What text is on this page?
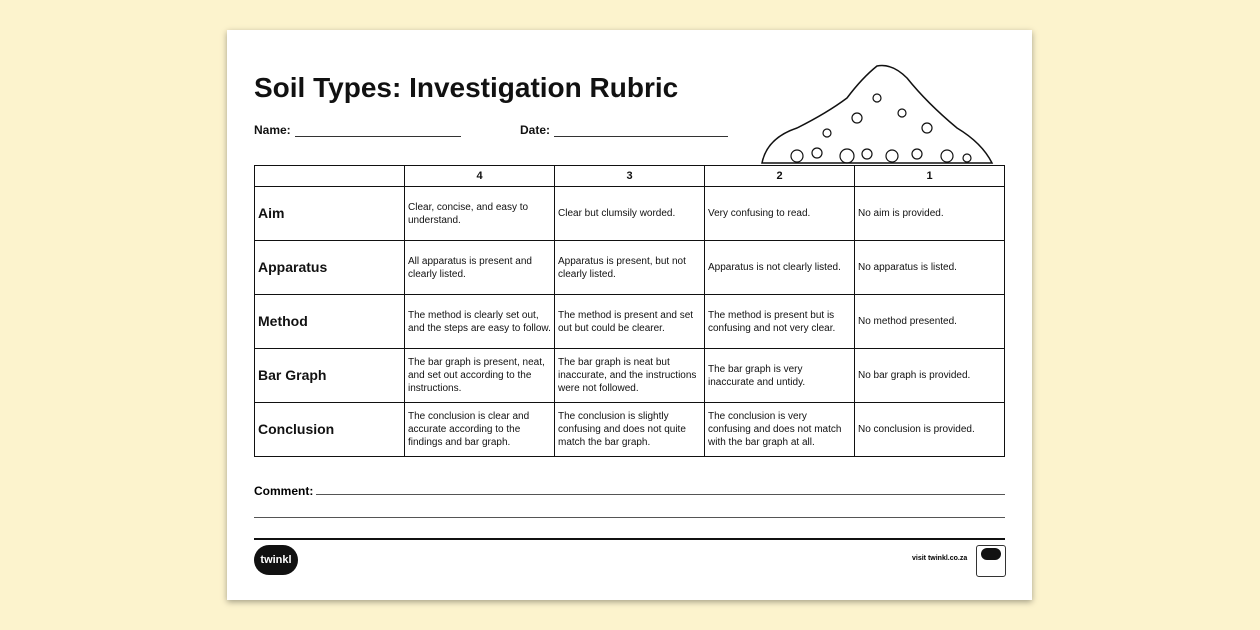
Soil Types: Investigation Rubric
Name:	Date:
	4	3	2	1
Aim	Clear, concise, and easy to understand.	Clear but clumsily worded.	Very confusing to read.	No aim is provided.
Apparatus	All apparatus is present and clearly listed.	Apparatus is present, but not clearly listed.	Apparatus is not clearly listed.	No apparatus is listed.
Method	The method is clearly set out, and the steps are easy to follow.	The method is present and set out but could be clearer.	The method is present but is confusing and not very clear.	No method presented.
Bar Graph	The bar graph is present, neat, and set out according to the instructions.	The bar graph is neat but inaccurate, and the instructions were not followed.	The bar graph is very inaccurate and untidy.	No bar graph is provided.
Conclusion	The conclusion is clear and accurate according to the findings and bar graph.	The conclusion is slightly confusing and does not quite match the bar graph.	The conclusion is very confusing and does not match with the bar graph at all.	No conclusion is provided.
Comment:
twinkl	visit twinkl.co.za
